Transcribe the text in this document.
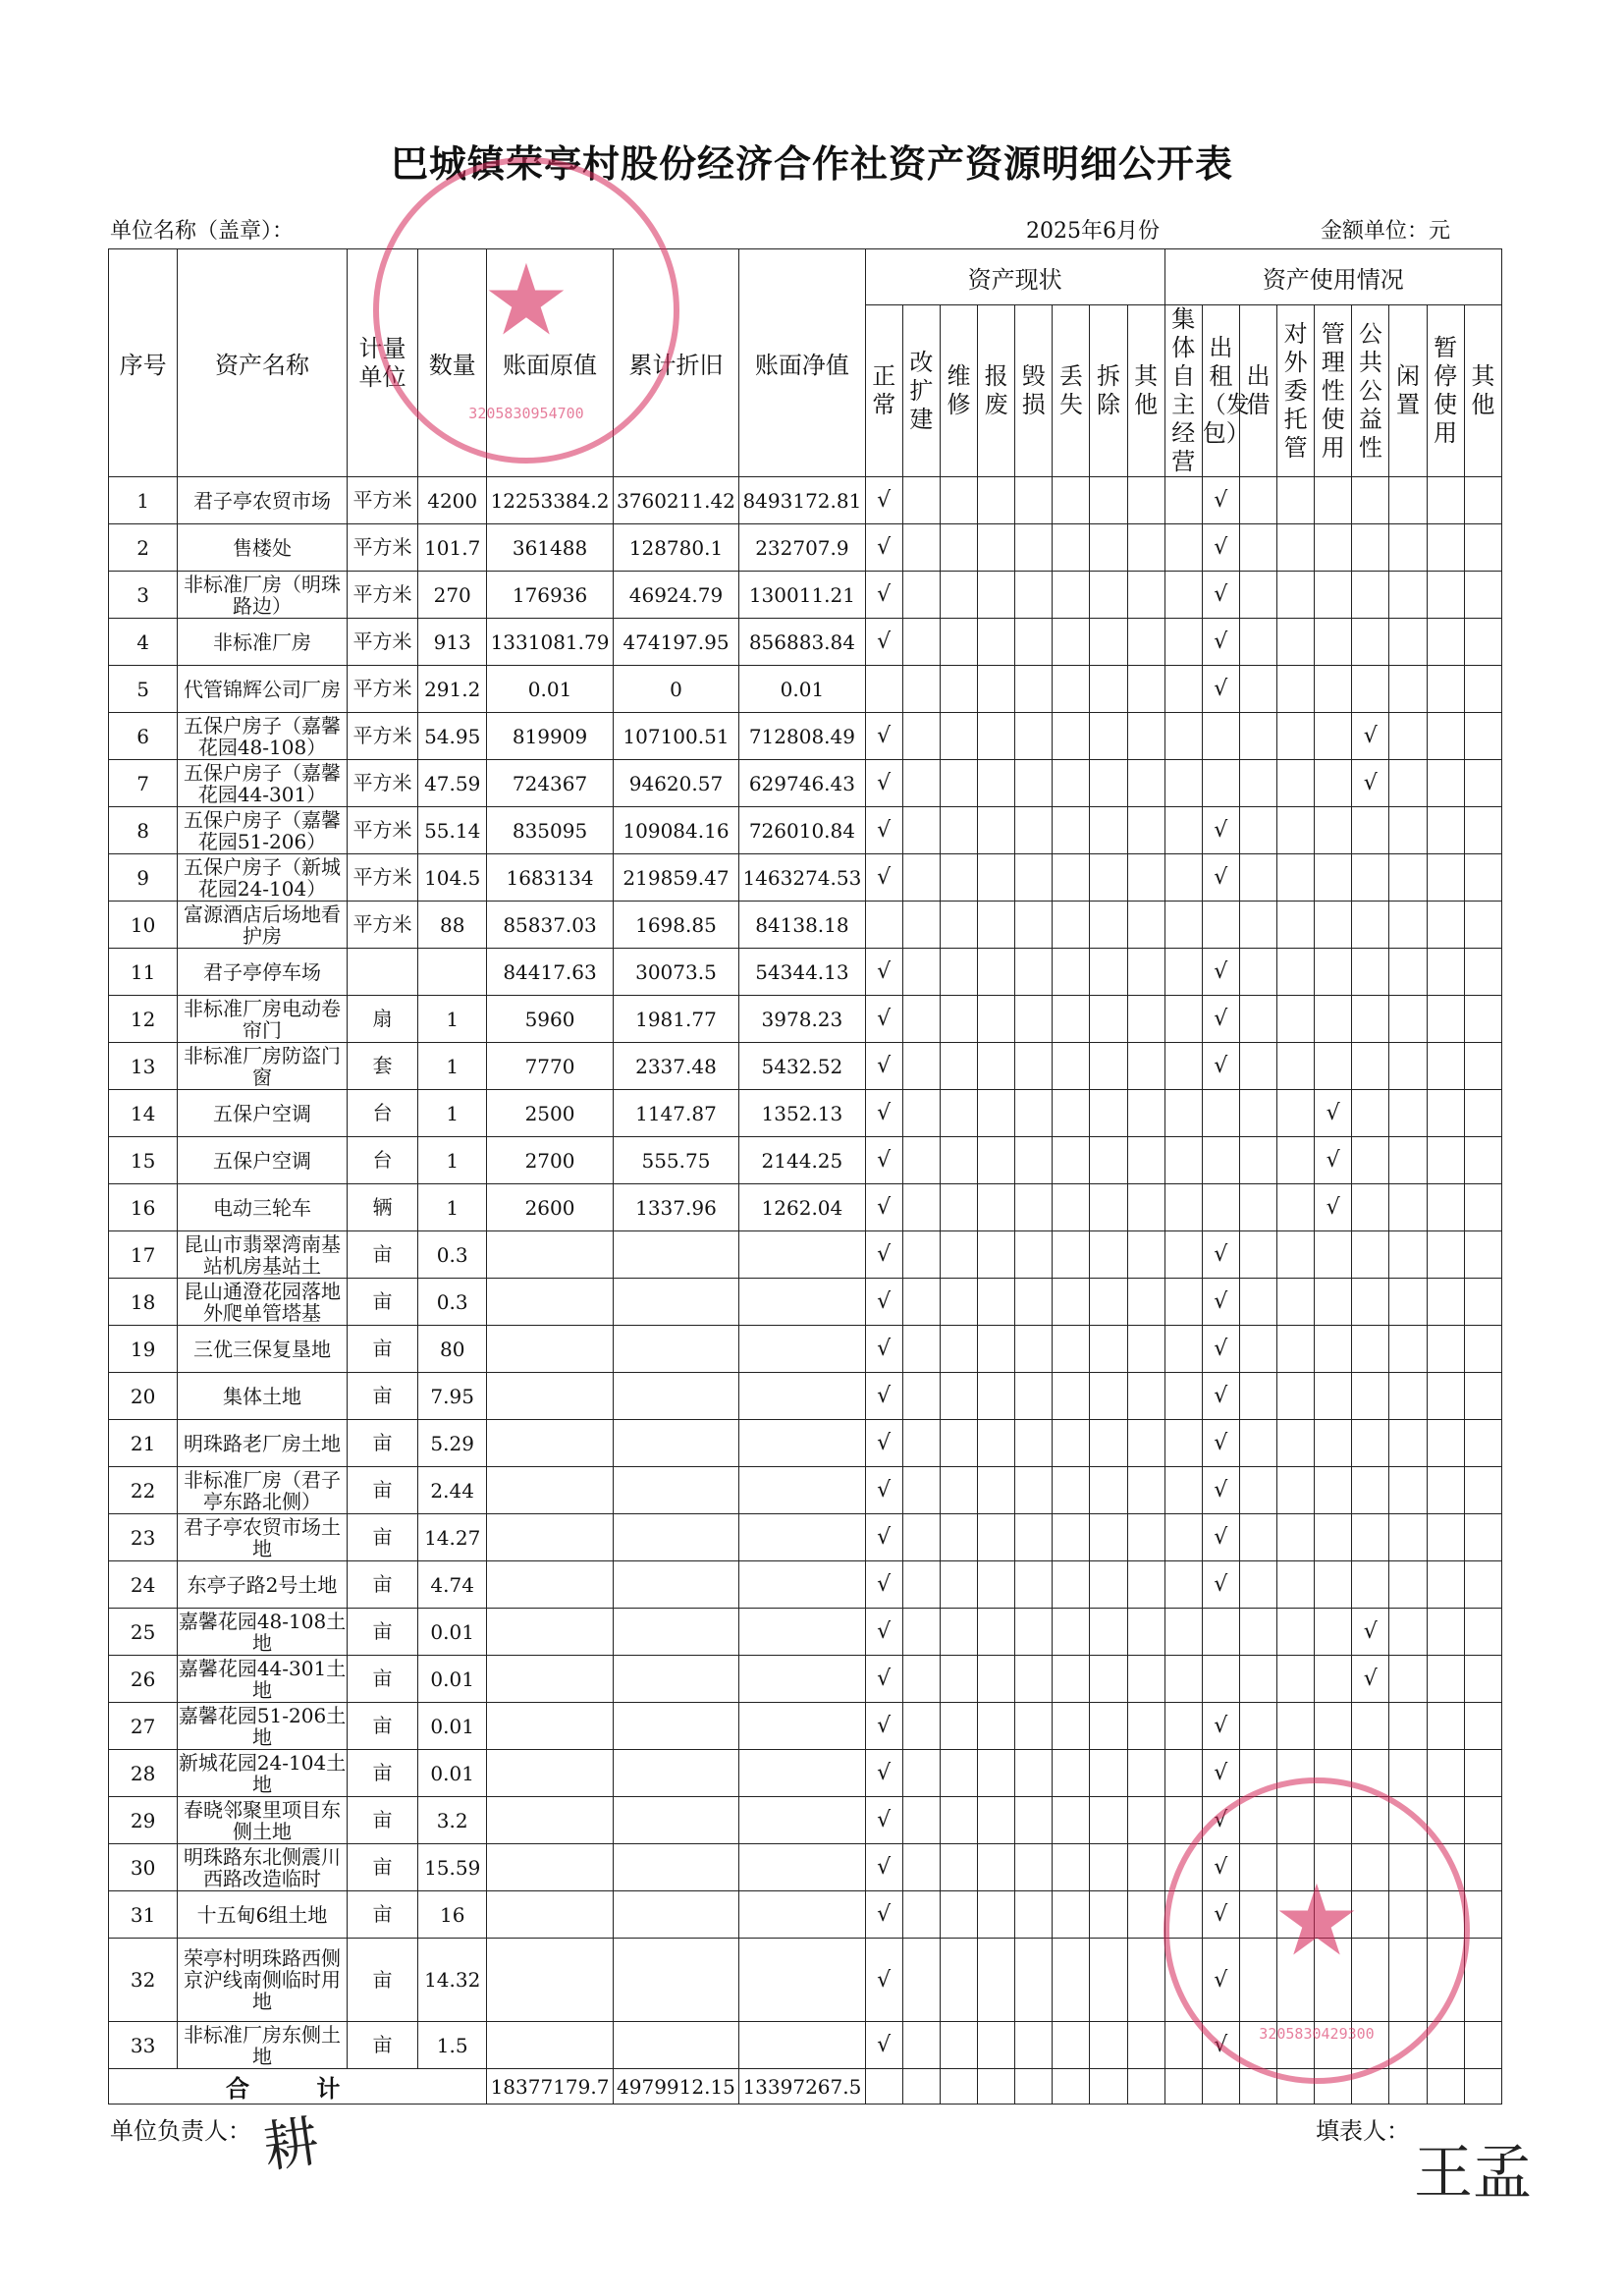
巴城镇荣亭村股份经济合作社资产资源明细公开表
单位名称（盖章）：	2025年6月份	金额单位：元
序号	资产名称	计量单位	数量	账面原值	累计折旧	账面净值	资产现状								资产使用情况								
							正常	改扩建	维修	报废	毁损	丢失	拆除	其他	集体自主经营	出租（发包）	出借	对外委托管	管理性使用	公共公益性	闲置	暂停使用	其他
1	君子亭农贸市场	平方米	4200	12253384.2	3760211.42	8493172.81	√									√							
2	售楼处	平方米	101.7	361488	128780.1	232707.9	√									√							
3	非标准厂房（明珠路边）	平方米	270	176936	46924.79	130011.21	√									√							
4	非标准厂房	平方米	913	1331081.79	474197.95	856883.84	√									√							
5	代管锦辉公司厂房	平方米	291.2	0.01	0	0.01										√							
6	五保户房子（嘉馨花园48-108）	平方米	54.95	819909	107100.51	712808.49	√													√			
7	五保户房子（嘉馨花园44-301）	平方米	47.59	724367	94620.57	629746.43	√													√			
8	五保户房子（嘉馨花园51-206）	平方米	55.14	835095	109084.16	726010.84	√									√							
9	五保户房子（新城花园24-104）	平方米	104.5	1683134	219859.47	1463274.53	√									√							
10	富源酒店后场地看护房	平方米	88	85837.03	1698.85	84138.18																	
11	君子亭停车场			84417.63	30073.5	54344.13	√									√							
12	非标准厂房电动卷帘门	扇	1	5960	1981.77	3978.23	√									√							
13	非标准厂房防盗门窗	套	1	7770	2337.48	5432.52	√									√							
14	五保户空调	台	1	2500	1147.87	1352.13	√												√				
15	五保户空调	台	1	2700	555.75	2144.25	√												√				
16	电动三轮车	辆	1	2600	1337.96	1262.04	√												√				
17	昆山市翡翠湾南基站机房基站土	亩	0.3				√									√							
18	昆山通澄花园落地外爬单管塔基	亩	0.3				√									√							
19	三优三保复垦地	亩	80				√									√							
20	集体土地	亩	7.95				√									√							
21	明珠路老厂房土地	亩	5.29				√									√							
22	非标准厂房（君子亭东路北侧）	亩	2.44				√									√							
23	君子亭农贸市场土地	亩	14.27				√									√							
24	东亭子路2号土地	亩	4.74				√									√							
25	嘉馨花园48-108土地	亩	0.01				√													√			
26	嘉馨花园44-301土地	亩	0.01				√													√			
27	嘉馨花园51-206土地	亩	0.01				√									√							
28	新城花园24-104土地	亩	0.01				√									√							
29	春晓邻聚里项目东侧土地	亩	3.2				√									√							
30	明珠路东北侧震川西路改造临时	亩	15.59				√									√							
31	十五甸6组土地	亩	16				√									√							
32	荣亭村明珠路西侧京沪线南侧临时用地	亩	14.32				√									√							
33	非标准厂房东侧土地	亩	1.5				√									√							
合 计				18377179.7	4979912.15	13397267.5																	
单位负责人：	填表人：
耕	王孟
★
3205830954700
★
3205830429300
